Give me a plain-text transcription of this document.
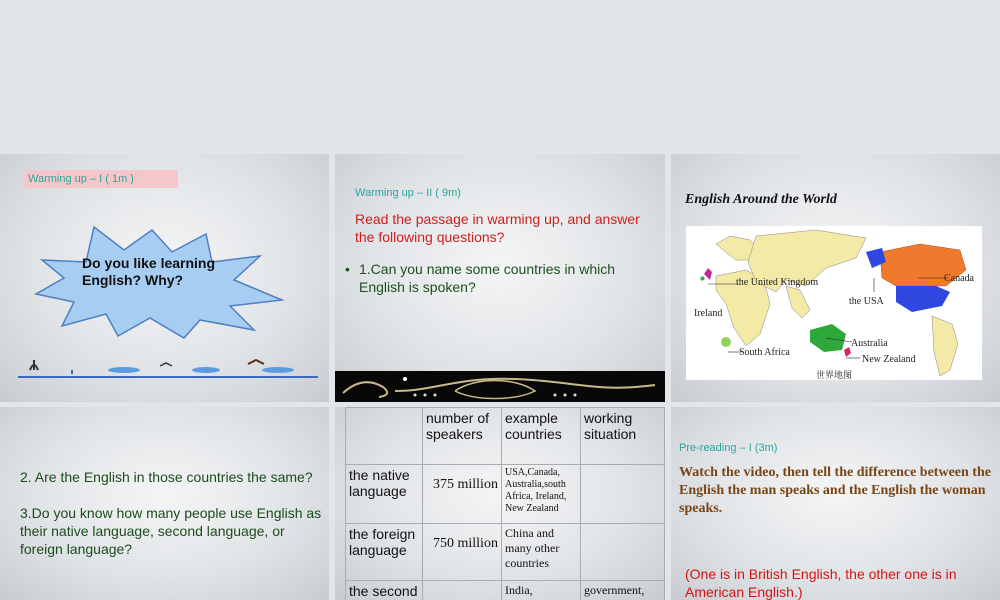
Warming up – I ( 1m )
Do you like learning English? Why?
Warming up – II ( 9m)
Read the passage in warming up, and answer the following questions?
• 1.Can you name some countries in which English is spoken?
English Around the World
Canada
the United Kingdom
the USA
Ireland
Australia
South Africa
New Zealand
世界地图
2. Are the English in those countries the same?
3.Do you know how many people use English as their native language, second language, or foreign language?
	number of speakers	example countries	working situation
the native language	375 million	USA,Canada, Australia,south Africa, Ireland, New Zealand	
the foreign language	750 million	China and many other countries	
the second		India,	government,
Pre-reading – I (3m)
Watch the video, then tell the difference between the English the man speaks and the English the woman speaks.
(One is in British English, the other one is in American English.)
